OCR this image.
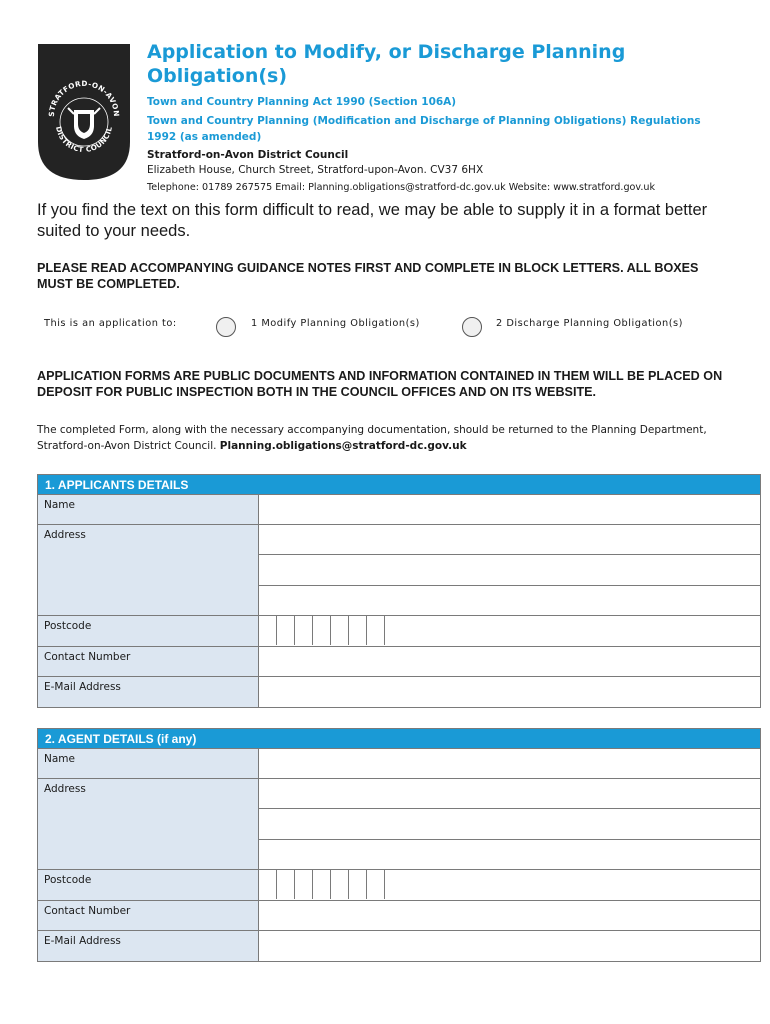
STRATFORD-ON-AVON
DISTRICT COUNCIL
Application to Modify, or Discharge Planning Obligation(s)
Town and Country Planning Act 1990 (Section 106A)
Town and Country Planning (Modification and Discharge of Planning Obligations) Regulations 1992 (as amended)
Stratford-on-Avon District Council
Elizabeth House, Church Street, Stratford-upon-Avon. CV37 6HX
Telephone: 01789 267575 Email: Planning.obligations@stratford-dc.gov.uk Website: www.stratford.gov.uk
If you find the text on this form difficult to read, we may be able to supply it in a format better suited to your needs.
PLEASE READ ACCOMPANYING GUIDANCE NOTES FIRST AND COMPLETE IN BLOCK LETTERS. ALL BOXES MUST BE COMPLETED.
This is an application to:	1 Modify Planning Obligation(s)	2 Discharge Planning Obligation(s)
APPLICATION FORMS ARE PUBLIC DOCUMENTS AND INFORMATION CONTAINED IN THEM WILL BE PLACED ON DEPOSIT FOR PUBLIC INSPECTION BOTH IN THE COUNCIL OFFICES AND ON ITS WEBSITE.
The completed Form, along with the necessary accompanying documentation, should be returned to the Planning Department, Stratford-on-Avon District Council. Planning.obligations@stratford-dc.gov.uk
1. APPLICANTS DETAILS	
Name	
Address	

Postcode	

Contact Number	
E-Mail Address	
2. AGENT DETAILS (if any)	
Name	
Address	

Postcode	

Contact Number	
E-Mail Address	
